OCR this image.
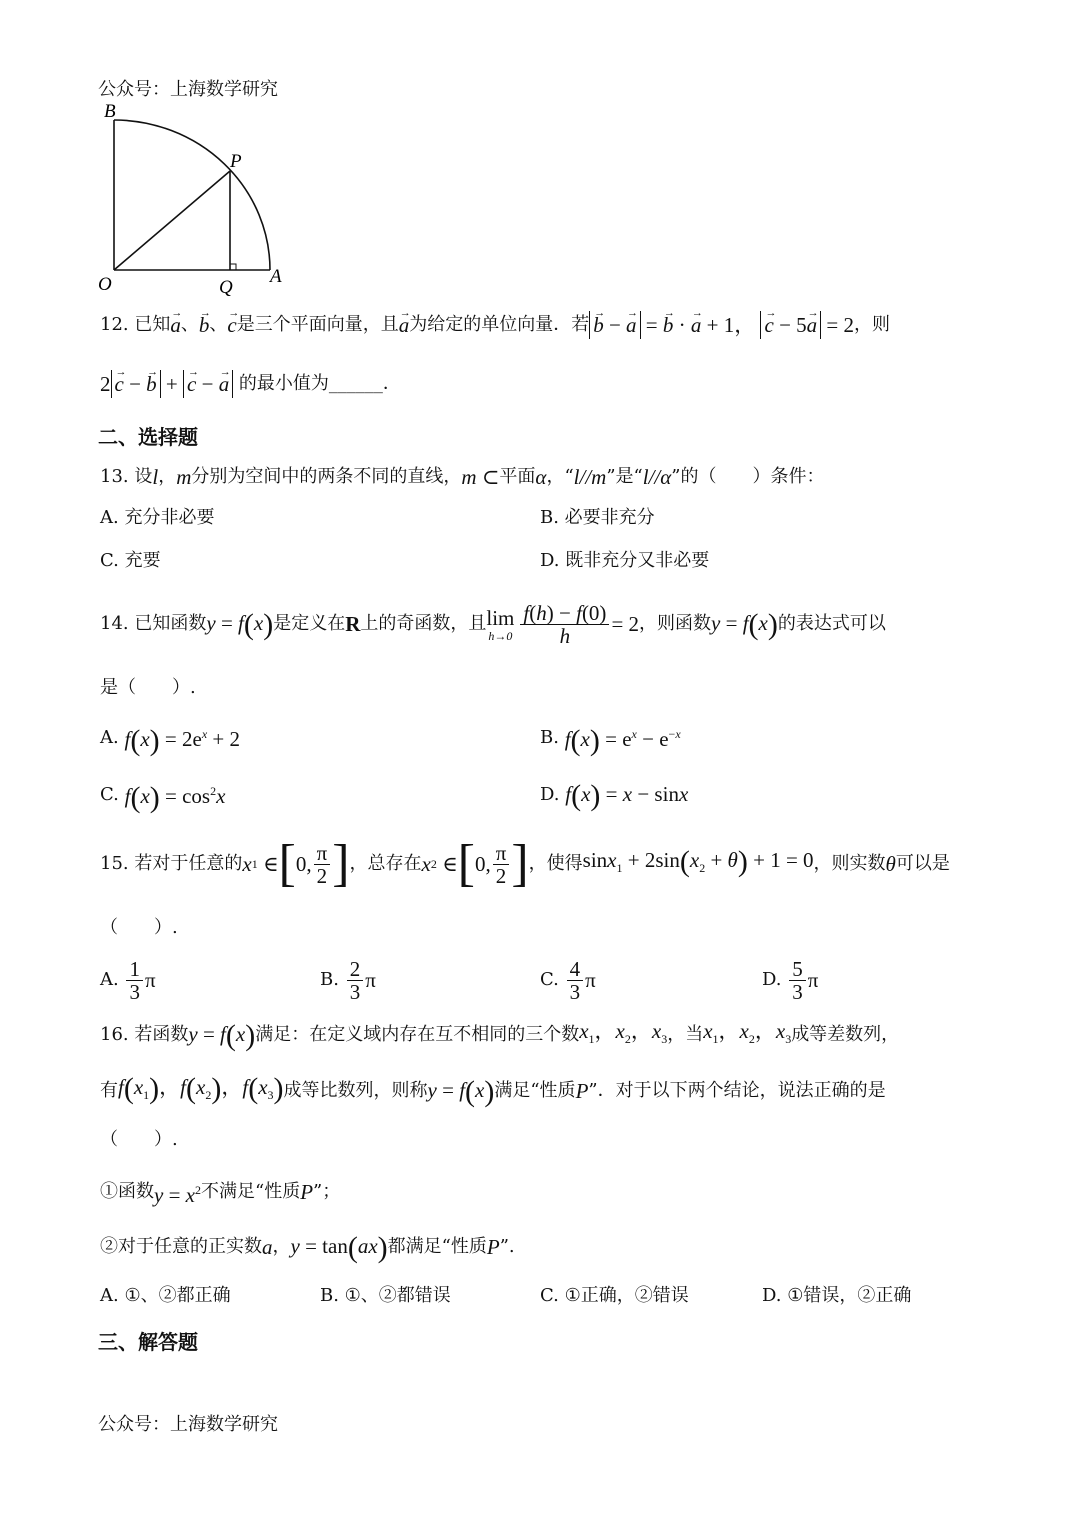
公众号：上海数学研究
B
P
O	Q
A
12.
已知 → a 、 → b 、 → c 是三个平面向量，且 → a 为给定的单位向量．若 → b − → a = → b · → a + 1， → c − 5→ a = 2 ，则
2 → c − → b + → c − → a
的最小值为______．
二、选择题
13.
设 l ， m 分别为空间中的两条不同的直线， m ⊂ 平面 α ，“ l//m ”是“ l//α ”的（　　）条件：
A. 充分非必要	B. 必要非充分
C. 充要	D. 既非充分又非必要
14.
已知函数 y = f(x) 是定义在 R 上的奇函数，且 lim
$h\to 0 \frac{f(h) - f(0)}{h} = 2$ ，则函数 y = f(x) 的表达式可以
是（　　）.
A.
$f(x) = 2e^x + 2$	B.
$f(x) = e^x - e^{-x}$
C.
$f(x) = \cos^2x$	D.
f(x) = x − sinx
15.
若对于任意的 x 1 ∈ [ 0, $\frac{\pi}{2}$ ] ，总存在 x 2 ∈ [ 0, $\frac{\pi}{2}$ ] ，使得 $\sin x_1 + 2\sin(x_2 + \theta) + 1 = 0$ ，则实数 θ 可以是
（　　）.
A.
$\frac{1}{3}$ π	B.
$\frac{2}{3}$ π	C.
$\frac{4}{3}$ π	D.
$\frac{5}{3}$ π
16.
若函数 y = f(x) 满足：在定义域内存在互不相同的三个数 $x_1$，$x_2$，$x_3$ ，当 $x_1$，$x_2$，$x_3$ 成等差数列，
有 $f(x_1)$，$f(x_2)$，$f(x_3)$ 成等比数列，则称 y = f(x) 满足“性质 P ”．对于以下两个结论，说法正确的是
（　　）.
①函数 $y = x^2$ 不满足“性质 P ”；
②对于任意的正实数 a ， y = tan(ax) 都满足“性质 P ”.
A. ①、②都正确	B. ①、②都错误	C. ①正确，②错误	D. ①错误，②正确
三、解答题
公众号：上海数学研究
